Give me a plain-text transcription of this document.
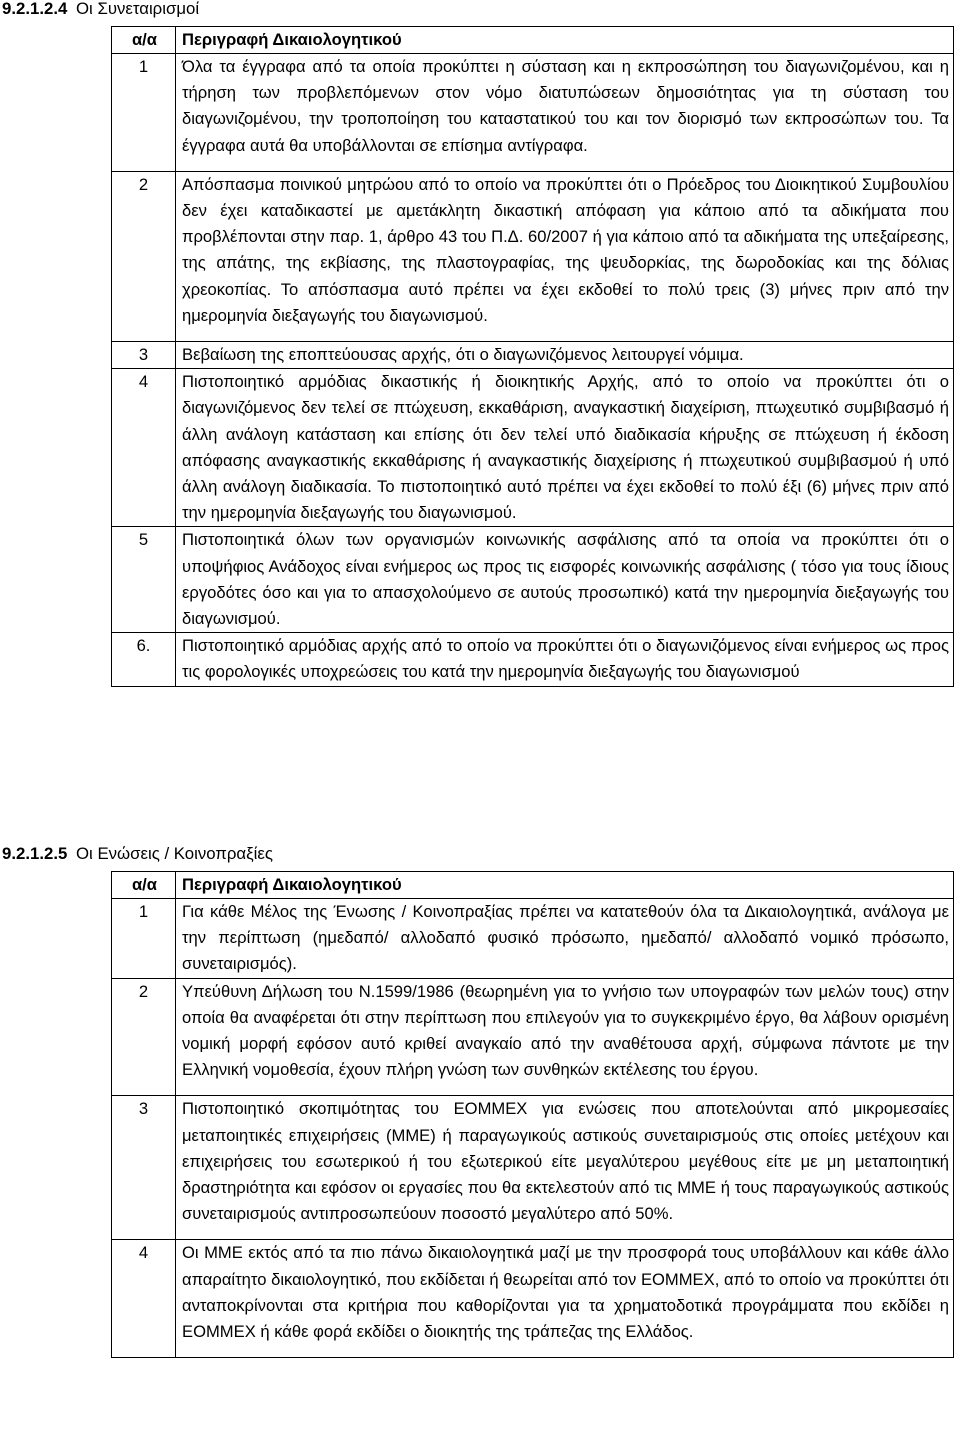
9.2.1.2.4 Οι Συνεταιρισμοί
α/α	Περιγραφή Δικαιολογητικού
1	Όλα τα έγγραφα από τα οποία προκύπτει η σύσταση και η εκπροσώπηση του διαγωνιζομένου, και η τήρηση των προβλεπόμενων στον νόμο διατυπώσεων δημοσιότητας για τη σύσταση του διαγωνιζομένου, την τροποποίηση του καταστατικού του και τον διορισμό των εκπροσώπων του. Τα έγγραφα αυτά θα υποβάλλονται σε επίσημα αντίγραφα.
2	Απόσπασμα ποινικού μητρώου από το οποίο να προκύπτει ότι ο Πρόεδρος του Διοικητικού Συμβουλίου δεν έχει καταδικαστεί με αμετάκλητη δικαστική απόφαση για κάποιο από τα αδικήματα που προβλέπονται στην παρ. 1, άρθρο 43 του Π.Δ. 60/2007 ή για κάποιο από τα αδικήματα της υπεξαίρεσης, της απάτης, της εκβίασης, της πλαστογραφίας, της ψευδορκίας, της δωροδοκίας και της δόλιας χρεοκοπίας. Το απόσπασμα αυτό πρέπει να έχει εκδοθεί το πολύ τρεις (3) μήνες πριν από την ημερομηνία διεξαγωγής του διαγωνισμού.
3	Βεβαίωση της εποπτεύουσας αρχής, ότι ο διαγωνιζόμενος λειτουργεί νόμιμα.
4	Πιστοποιητικό αρμόδιας δικαστικής ή διοικητικής Αρχής, από το οποίο να προκύπτει ότι ο διαγωνιζόμενος δεν τελεί σε πτώχευση, εκκαθάριση, αναγκαστική διαχείριση, πτωχευτικό συμβιβασμό ή άλλη ανάλογη κατάσταση και επίσης ότι δεν τελεί υπό διαδικασία κήρυξης σε πτώχευση ή έκδοση απόφασης αναγκαστικής εκκαθάρισης ή αναγκαστικής διαχείρισης ή πτωχευτικού συμβιβασμού ή υπό άλλη ανάλογη διαδικασία. Το πιστοποιητικό αυτό πρέπει να έχει εκδοθεί το πολύ έξι (6) μήνες πριν από την ημερομηνία διεξαγωγής του διαγωνισμού.
5	Πιστοποιητικά όλων των οργανισμών κοινωνικής ασφάλισης από τα οποία να προκύπτει ότι ο υποψήφιος Ανάδοχος είναι ενήμερος ως προς τις εισφορές κοινωνικής ασφάλισης ( τόσο για τους ίδιους εργοδότες όσο και για το απασχολούμενο σε αυτούς προσωπικό) κατά την ημερομηνία διεξαγωγής του διαγωνισμού.
6.	Πιστοποιητικό αρμόδιας αρχής από το οποίο να προκύπτει ότι ο διαγωνιζόμενος είναι ενήμερος ως προς τις φορολογικές υποχρεώσεις του κατά την ημερομηνία διεξαγωγής του διαγωνισμού
9.2.1.2.5 Οι Ενώσεις / Κοινοπραξίες
α/α	Περιγραφή Δικαιολογητικού
1	Για κάθε Μέλος της Ένωσης / Κοινοπραξίας πρέπει να κατατεθούν όλα τα Δικαιολογητικά, ανάλογα με την περίπτωση (ημεδαπό/ αλλοδαπό φυσικό πρόσωπο, ημεδαπό/ αλλοδαπό νομικό πρόσωπο, συνεταιρισμός).
2	Υπεύθυνη Δήλωση του Ν.1599/1986 (θεωρημένη για το γνήσιο των υπογραφών των μελών τους) στην οποία θα αναφέρεται ότι στην περίπτωση που επιλεγούν για το συγκεκριμένο έργο, θα λάβουν ορισμένη νομική μορφή εφόσον αυτό κριθεί αναγκαίο από την αναθέτουσα αρχή, σύμφωνα πάντοτε με την Ελληνική νομοθεσία, έχουν πλήρη γνώση των συνθηκών εκτέλεσης του έργου.
3	Πιστοποιητικό σκοπιμότητας του ΕΟΜΜΕΧ για ενώσεις που αποτελούνται από μικρομεσαίες μεταποιητικές επιχειρήσεις (ΜΜΕ) ή παραγωγικούς αστικούς συνεταιρισμούς στις οποίες μετέχουν και επιχειρήσεις του εσωτερικού ή του εξωτερικού είτε μεγαλύτερου μεγέθους είτε με μη μεταποιητική δραστηριότητα και εφόσον οι εργασίες που θα εκτελεστούν από τις ΜΜΕ ή τους παραγωγικούς αστικούς συνεταιρισμούς αντιπροσωπεύουν ποσοστό μεγαλύτερο από 50%.
4	Οι ΜΜΕ εκτός από τα πιο πάνω δικαιολογητικά μαζί με την προσφορά τους υποβάλλουν και κάθε άλλο απαραίτητο δικαιολογητικό, που εκδίδεται ή θεωρείται από τον ΕΟΜΜΕΧ, από το οποίο να προκύπτει ότι ανταποκρίνονται στα κριτήρια που καθορίζονται για τα χρηματοδοτικά προγράμματα που εκδίδει η ΕΟΜΜΕΧ ή κάθε φορά εκδίδει ο διοικητής της τράπεζας της Ελλάδος.
